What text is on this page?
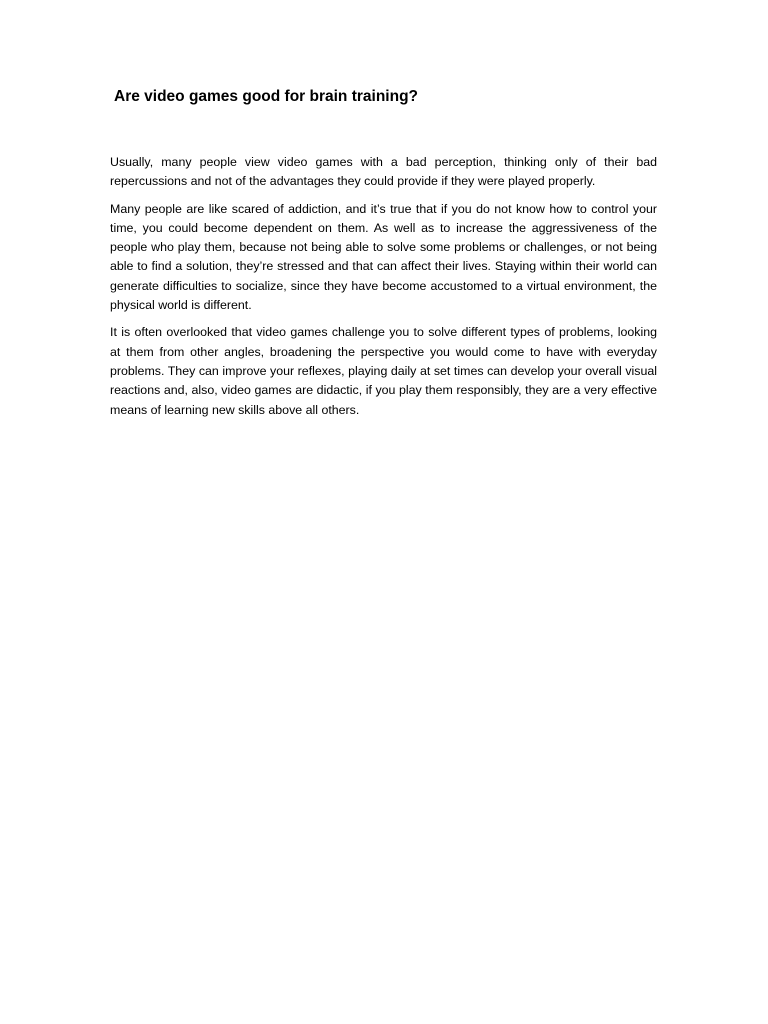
Are video games good for brain training?

Usually, many people view video games with a bad perception, thinking only of their bad repercussions and not of the advantages they could provide if they were played properly.

Many people are like scared of addiction, and it’s true that if you do not know how to control your time, you could become dependent on them. As well as to increase the aggressiveness of the people who play them, because not being able to solve some problems or challenges, or not being able to find a solution, they’re stressed and that can affect their lives. Staying within their world can generate difficulties to socialize, since they have become accustomed to a virtual environment, the physical world is different.

It is often overlooked that video games challenge you to solve different types of problems, looking at them from other angles, broadening the perspective you would come to have with everyday problems. They can improve your reflexes, playing daily at set times can develop your overall visual reactions and, also, video games are didactic, if you play them responsibly, they are a very effective means of learning new skills above all others.
